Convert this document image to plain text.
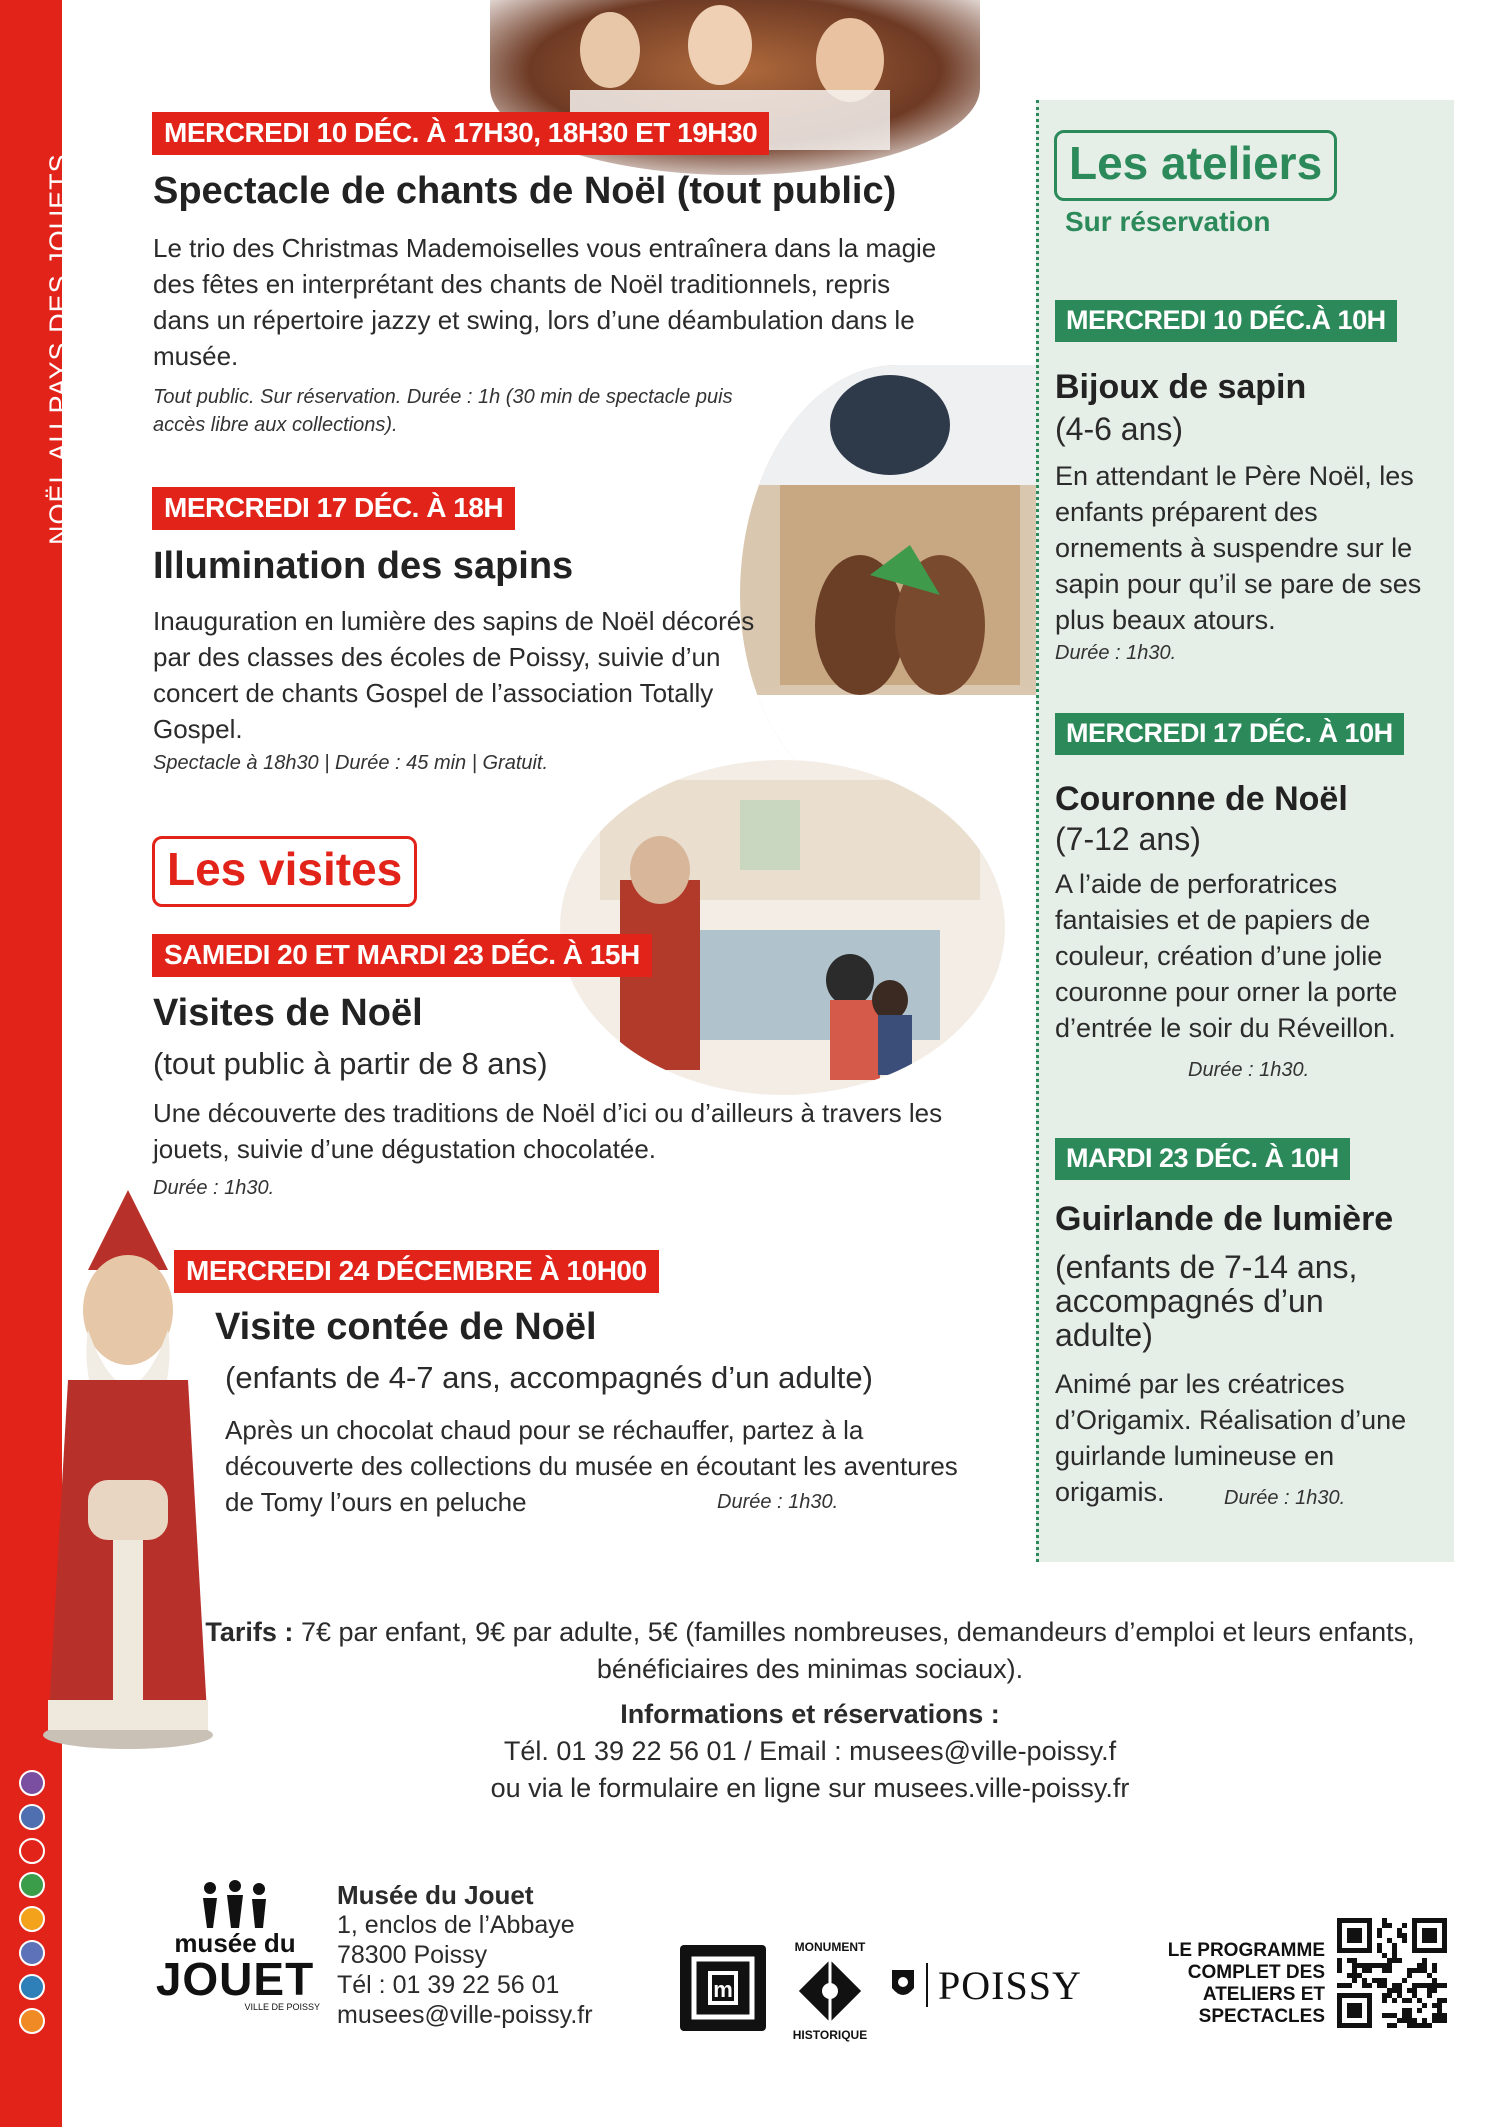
NOËL AU PAYS DES JOUETS
MERCREDI 10 DÉC. À 17H30, 18H30 ET 19H30
Spectacle de chants de Noël (tout public)
Le trio des Christmas Mademoiselles vous entraînera dans la magie des fêtes en interprétant des chants de Noël traditionnels, repris dans un répertoire jazzy et swing, lors d’une déambulation dans le musée.
Tout public. Sur réservation. Durée : 1h (30 min de spectacle puis accès libre aux collections).
MERCREDI 17 DÉC. À 18H
Illumination des sapins
Inauguration en lumière des sapins de Noël décorés par des classes des écoles de Poissy, suivie d’un concert de chants Gospel de l’association Totally Gospel.
Spectacle à 18h30 | Durée : 45 min | Gratuit.
Les visites
SAMEDI 20 ET MARDI 23 DÉC. À 15H
Visites de Noël
(tout public à partir de 8 ans)
Une découverte des traditions de Noël d’ici ou d’ailleurs à travers les jouets, suivie d’une dégustation chocolatée.
Durée : 1h30.
MERCREDI 24 DÉCEMBRE À 10H00
Visite contée de Noël
(enfants de 4-7 ans, accompagnés d’un adulte)
Après un chocolat chaud pour se réchauffer, partez à la découverte des collections du musée en écoutant les aventures de Tomy l’ours en peluche	Durée : 1h30.
Les ateliers
Sur réservation
MERCREDI 10 DÉC.À 10H
Bijoux de sapin
(4-6 ans)
En attendant le Père Noël, les enfants préparent des ornements à suspendre sur le sapin pour qu’il se pare de ses plus beaux atours.
Durée : 1h30.
MERCREDI 17 DÉC. À 10H
Couronne de Noël
(7-12 ans)
A l’aide de perforatrices fantaisies et de papiers de couleur, création d’une jolie couronne pour orner la porte d’entrée le soir du Réveillon.
Durée : 1h30.
MARDI 23 DÉC. À 10H
Guirlande de lumière
(enfants de 7-14 ans, accompagnés d’un adulte)
Animé par les créatrices d’Origamix. Réalisation d’une guirlande lumineuse en origamis.	Durée : 1h30.
Tarifs : 7€ par enfant, 9€ par adulte, 5€ (familles nombreuses, demandeurs d’emploi et leurs enfants, bénéficiaires des minimas sociaux).
Informations et réservations :
Tél. 01 39 22 56 01 / Email : musees@ville-poissy.f
ou via le formulaire en ligne sur musees.ville-poissy.fr
musée du
JOUET
VILLE DE POISSY
Musée du Jouet
1, enclos de l’Abbaye
78300 Poissy
Tél : 01 39 22 56 01
musees@ville-poissy.fr
m
MONUMENT
HISTORIQUE
POISSY
LE PROGRAMME COMPLET DES ATELIERS ET SPECTACLES
